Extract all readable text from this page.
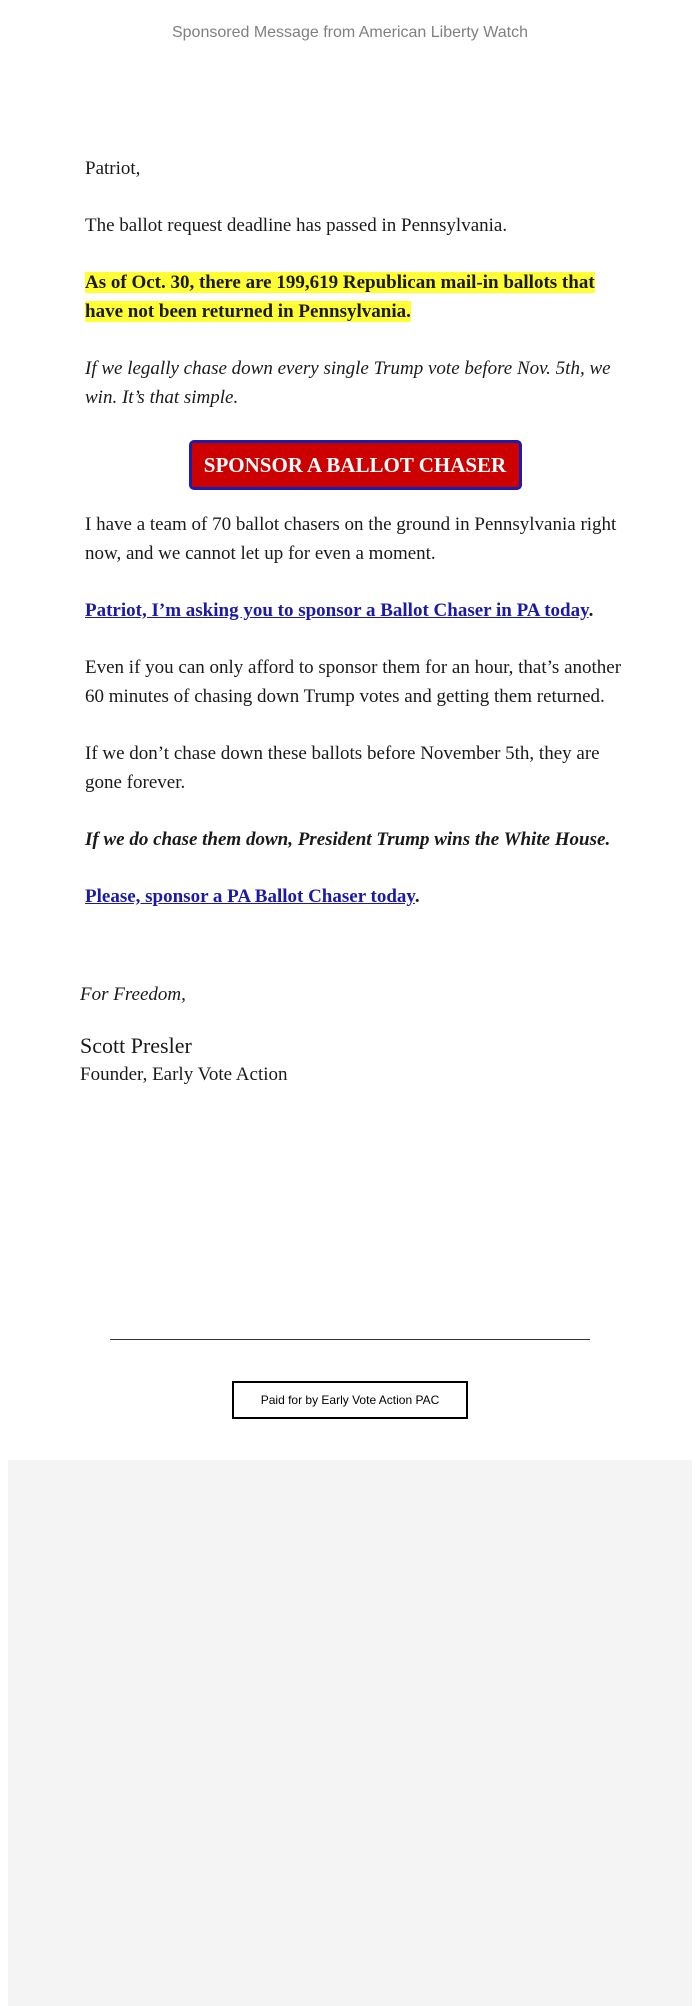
Sponsored Message from American Liberty Watch

Patriot,

The ballot request deadline has passed in Pennsylvania.

As of Oct. 30, there are 199,619 Republican mail-in ballots that have not been returned in Pennsylvania.

If we legally chase down every single Trump vote before Nov. 5th, we win. It’s that simple.

SPONSOR A BALLOT CHASER

I have a team of 70 ballot chasers on the ground in Pennsylvania right now, and we cannot let up for even a moment.

Patriot, I’m asking you to sponsor a Ballot Chaser in PA today.

Even if you can only afford to sponsor them for an hour, that’s another 60 minutes of chasing down Trump votes and getting them returned.

If we don’t chase down these ballots before November 5th, they are gone forever.

If we do chase them down, President Trump wins the White House.

Please, sponsor a PA Ballot Chaser today.

For Freedom,

Scott Presler

Founder, Early Vote Action

Paid for by Early Vote Action PAC
